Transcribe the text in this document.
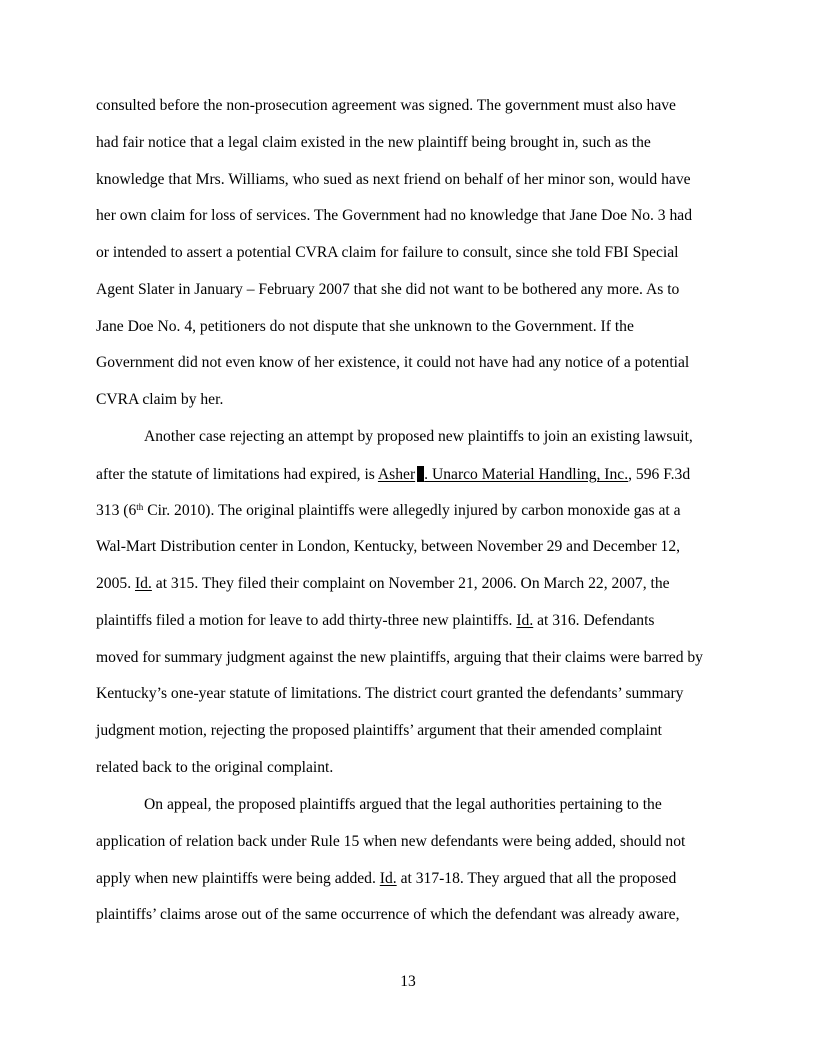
consulted before the non-prosecution agreement was signed. The government must also have
had fair notice that a legal claim existed in the new plaintiff being brought in, such as the
knowledge that Mrs. Williams, who sued as next friend on behalf of her minor son, would have
her own claim for loss of services. The Government had no knowledge that Jane Doe No. 3 had
or intended to assert a potential CVRA claim for failure to consult, since she told FBI Special
Agent Slater in January – February 2007 that she did not want to be bothered any more. As to
Jane Doe No. 4, petitioners do not dispute that she unknown to the Government. If the
Government did not even know of her existence, it could not have had any notice of a potential
CVRA claim by her.
Another case rejecting an attempt by proposed new plaintiffs to join an existing lawsuit,
after the statute of limitations had expired, is Asher . Unarco Material Handling, Inc., 596 F.3d
313 (6th Cir. 2010). The original plaintiffs were allegedly injured by carbon monoxide gas at a
Wal-Mart Distribution center in London, Kentucky, between November 29 and December 12,
2005. Id. at 315. They filed their complaint on November 21, 2006. On March 22, 2007, the
plaintiffs filed a motion for leave to add thirty-three new plaintiffs. Id. at 316. Defendants
moved for summary judgment against the new plaintiffs, arguing that their claims were barred by
Kentucky’s one-year statute of limitations. The district court granted the defendants’ summary
judgment motion, rejecting the proposed plaintiffs’ argument that their amended complaint
related back to the original complaint.
On appeal, the proposed plaintiffs argued that the legal authorities pertaining to the
application of relation back under Rule 15 when new defendants were being added, should not
apply when new plaintiffs were being added. Id. at 317-18. They argued that all the proposed
plaintiffs’ claims arose out of the same occurrence of which the defendant was already aware,
13
